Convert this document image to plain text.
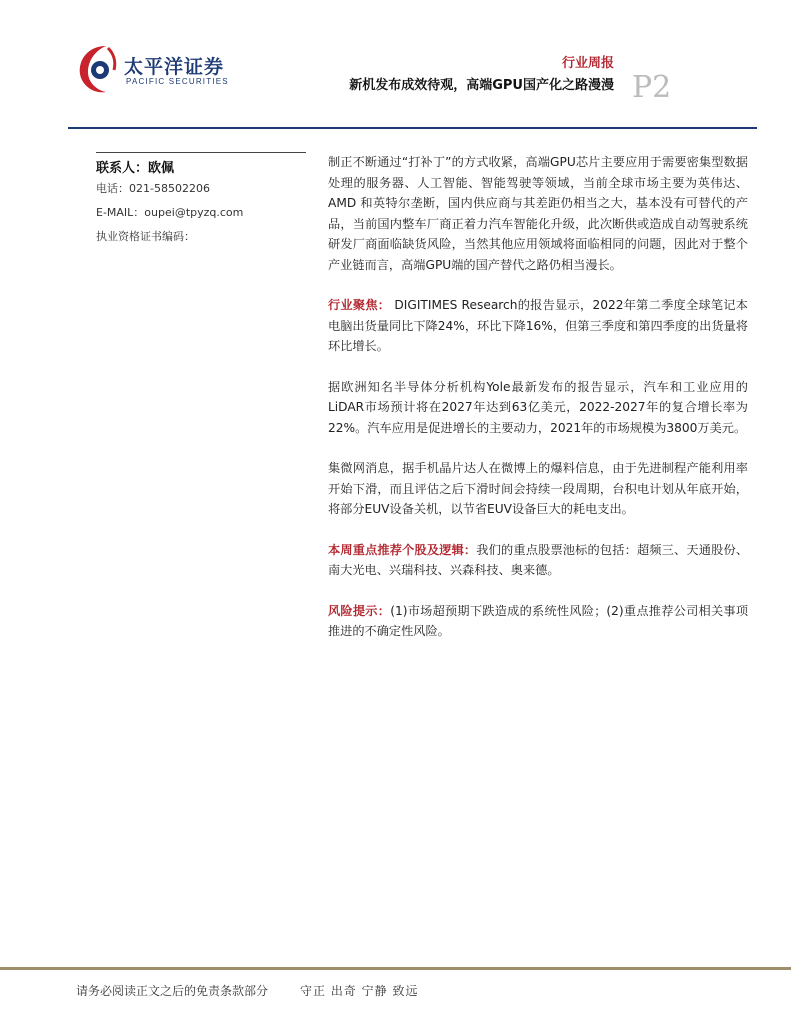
太平洋证券
PACIFIC SECURITIES
行业周报
新机发布成效待观，高端GPU国产化之路漫漫 P2
联系人：欧佩
电话：021-58502206
E-MAIL：oupei@tpyzq.com
执业资格证书编码：

制正不断通过“打补丁”的方式收紧，高端GPU芯片主要应用于需要密集型数据处理的服务器、人工智能、智能驾驶等领域，当前全球市场主要为英伟达、AMD 和英特尔垄断，国内供应商与其差距仍相当之大，基本没有可替代的产品，当前国内整车厂商正着力汽车智能化升级，此次断供或造成自动驾驶系统研发厂商面临缺货风险，当然其他应用领域将面临相同的问题，因此对于整个产业链而言，高端GPU端的国产替代之路仍相当漫长。

行业聚焦： DIGITIMES Research的报告显示，2022年第二季度全球笔记本电脑出货量同比下降24%，环比下降16%，但第三季度和第四季度的出货量将环比增长。

据欧洲知名半导体分析机构Yole最新发布的报告显示，汽车和工业应用的LiDAR市场预计将在2027年达到63亿美元，2022-2027年的复合增长率为22%。汽车应用是促进增长的主要动力，2021年的市场规模为3800万美元。

集微网消息，据手机晶片达人在微博上的爆料信息，由于先进制程产能利用率开始下滑，而且评估之后下滑时间会持续一段周期，台积电计划从年底开始，将部分EUV设备关机，以节省EUV设备巨大的耗电支出。

本周重点推荐个股及逻辑：我们的重点股票池标的包括：超频三、天通股份、南大光电、兴瑞科技、兴森科技、奥来德。

风险提示：(1)市场超预期下跌造成的系统性风险；(2)重点推荐公司相关事项推进的不确定性风险。

请务必阅读正文之后的免责条款部分	守正 出奇 宁静 致远
